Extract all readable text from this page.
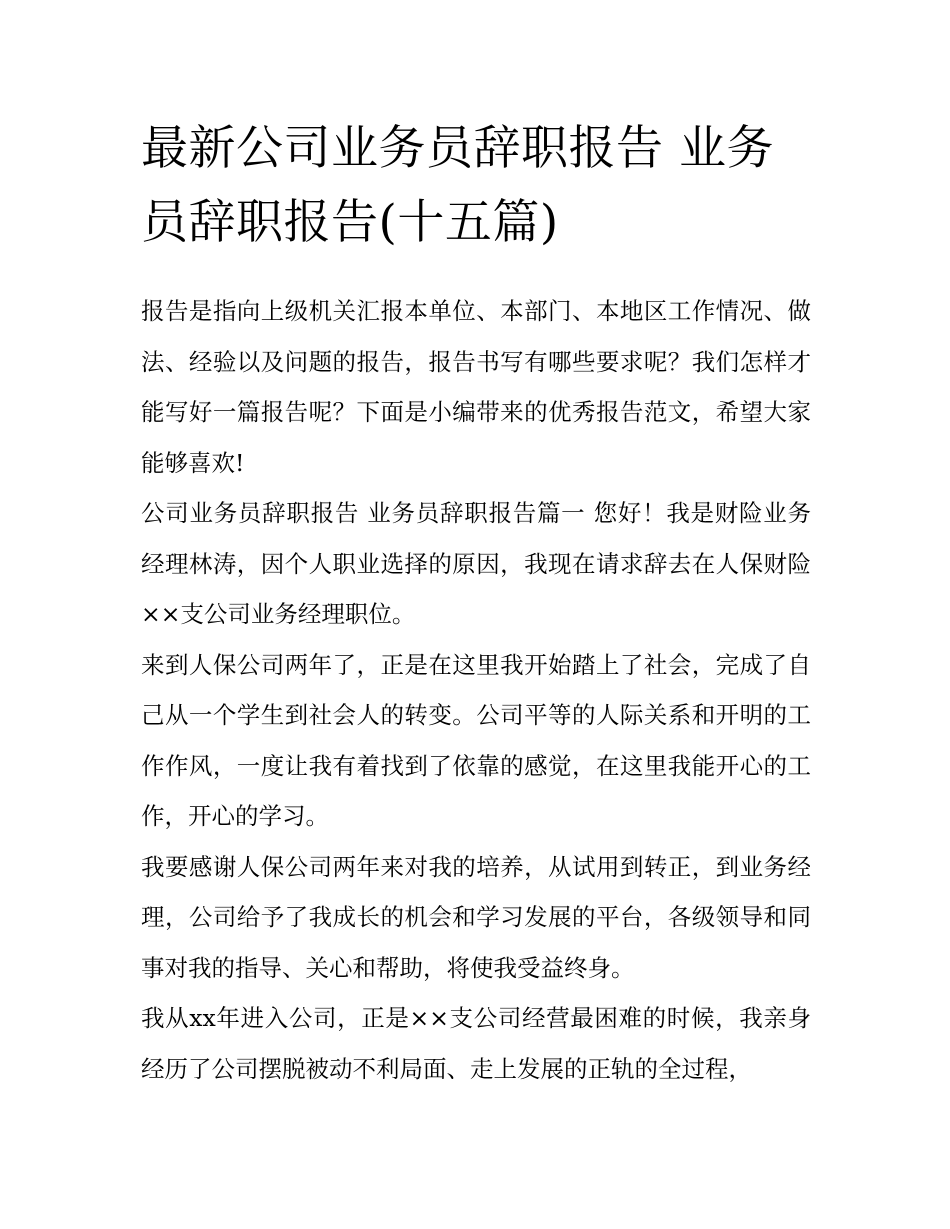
最新公司业务员辞职报告 业务员辞职报告(十五篇)

报告是指向上级机关汇报本单位、本部门、本地区工作情况、做法、经验以及问题的报告，报告书写有哪些要求呢？我们怎样才能写好一篇报告呢？下面是小编带来的优秀报告范文，希望大家能够喜欢!

公司业务员辞职报告 业务员辞职报告篇一 您好！我是财险业务经理林涛，因个人职业选择的原因，我现在请求辞去在人保财险××支公司业务经理职位。

来到人保公司两年了，正是在这里我开始踏上了社会，完成了自己从一个学生到社会人的转变。公司平等的人际关系和开明的工作作风，一度让我有着找到了依靠的感觉，在这里我能开心的工作，开心的学习。

我要感谢人保公司两年来对我的培养，从试用到转正，到业务经理，公司给予了我成长的机会和学习发展的平台，各级领导和同事对我的指导、关心和帮助，将使我受益终身。

我从xx年进入公司，正是××支公司经营最困难的时候，我亲身经历了公司摆脱被动不利局面、走上发展的正轨的全过程，
